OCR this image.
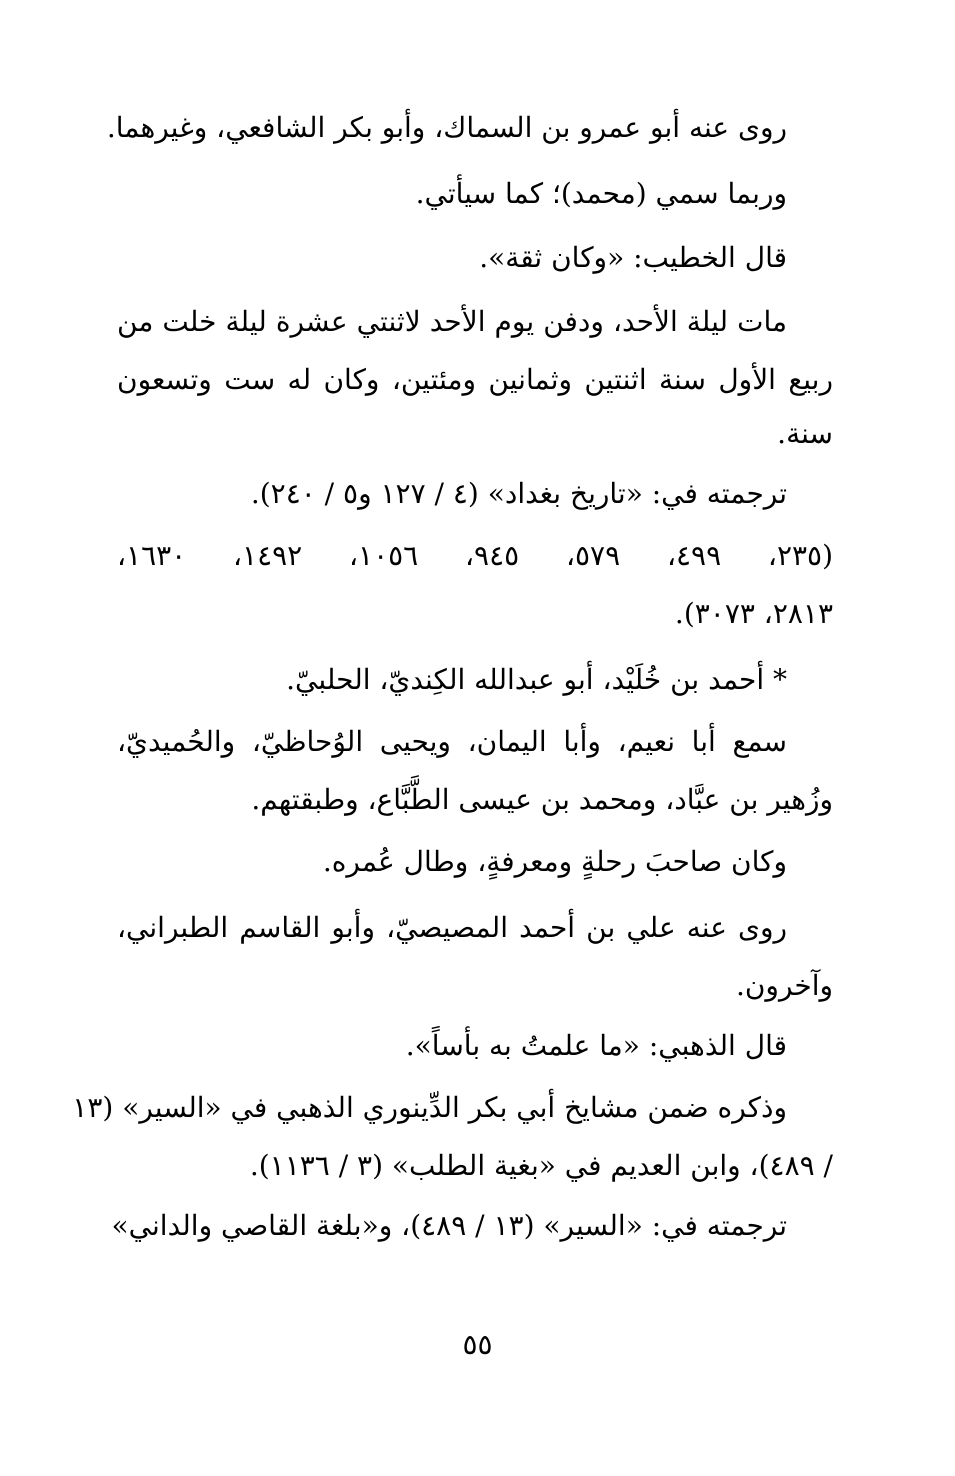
روى عنه أبو عمرو بن السماك، وأبو بكر الشافعي، وغيرهما.
وربما سمي (محمد)؛ كما سيأتي.
قال الخطيب: «وكان ثقة».
مات ليلة الأحد، ودفن يوم الأحد لاثنتي عشرة ليلة خلت من
ربيع الأول سنة اثنتين وثمانين ومئتين، وكان له ست وتسعون
سنة.
ترجمته في: «تاريخ بغداد» (٤ / ١٢٧ و٥ / ٢٤٠).
(٢٣٥، ٤٩٩، ٥٧٩، ٩٤٥، ١٠٥٦، ١٤٩٢، ١٦٣٠،
٢٨١٣، ٣٠٧٣).
* أحمد بن خُلَيْد، أبو عبدالله الكِنديّ، الحلبيّ.
سمع أبا نعيم، وأبا اليمان، ويحيى الوُحاظيّ، والحُميديّ،
وزُهير بن عبَّاد، ومحمد بن عيسى الطَّبَّاع، وطبقتهم.
وكان صاحبَ رحلةٍ ومعرفةٍ، وطال عُمره.
روى عنه علي بن أحمد المصيصيّ، وأبو القاسم الطبراني،
وآخرون.
قال الذهبي: «ما علمتُ به بأساً».
وذكره ضمن مشايخ أبي بكر الدِّينوري الذهبي في «السير» (١٣
/ ٤٨٩)، وابن العديم في «بغية الطلب» (٣ / ١١٣٦).
ترجمته في: «السير» (١٣ / ٤٨٩)، و«بلغة القاصي والداني»
٥٥
